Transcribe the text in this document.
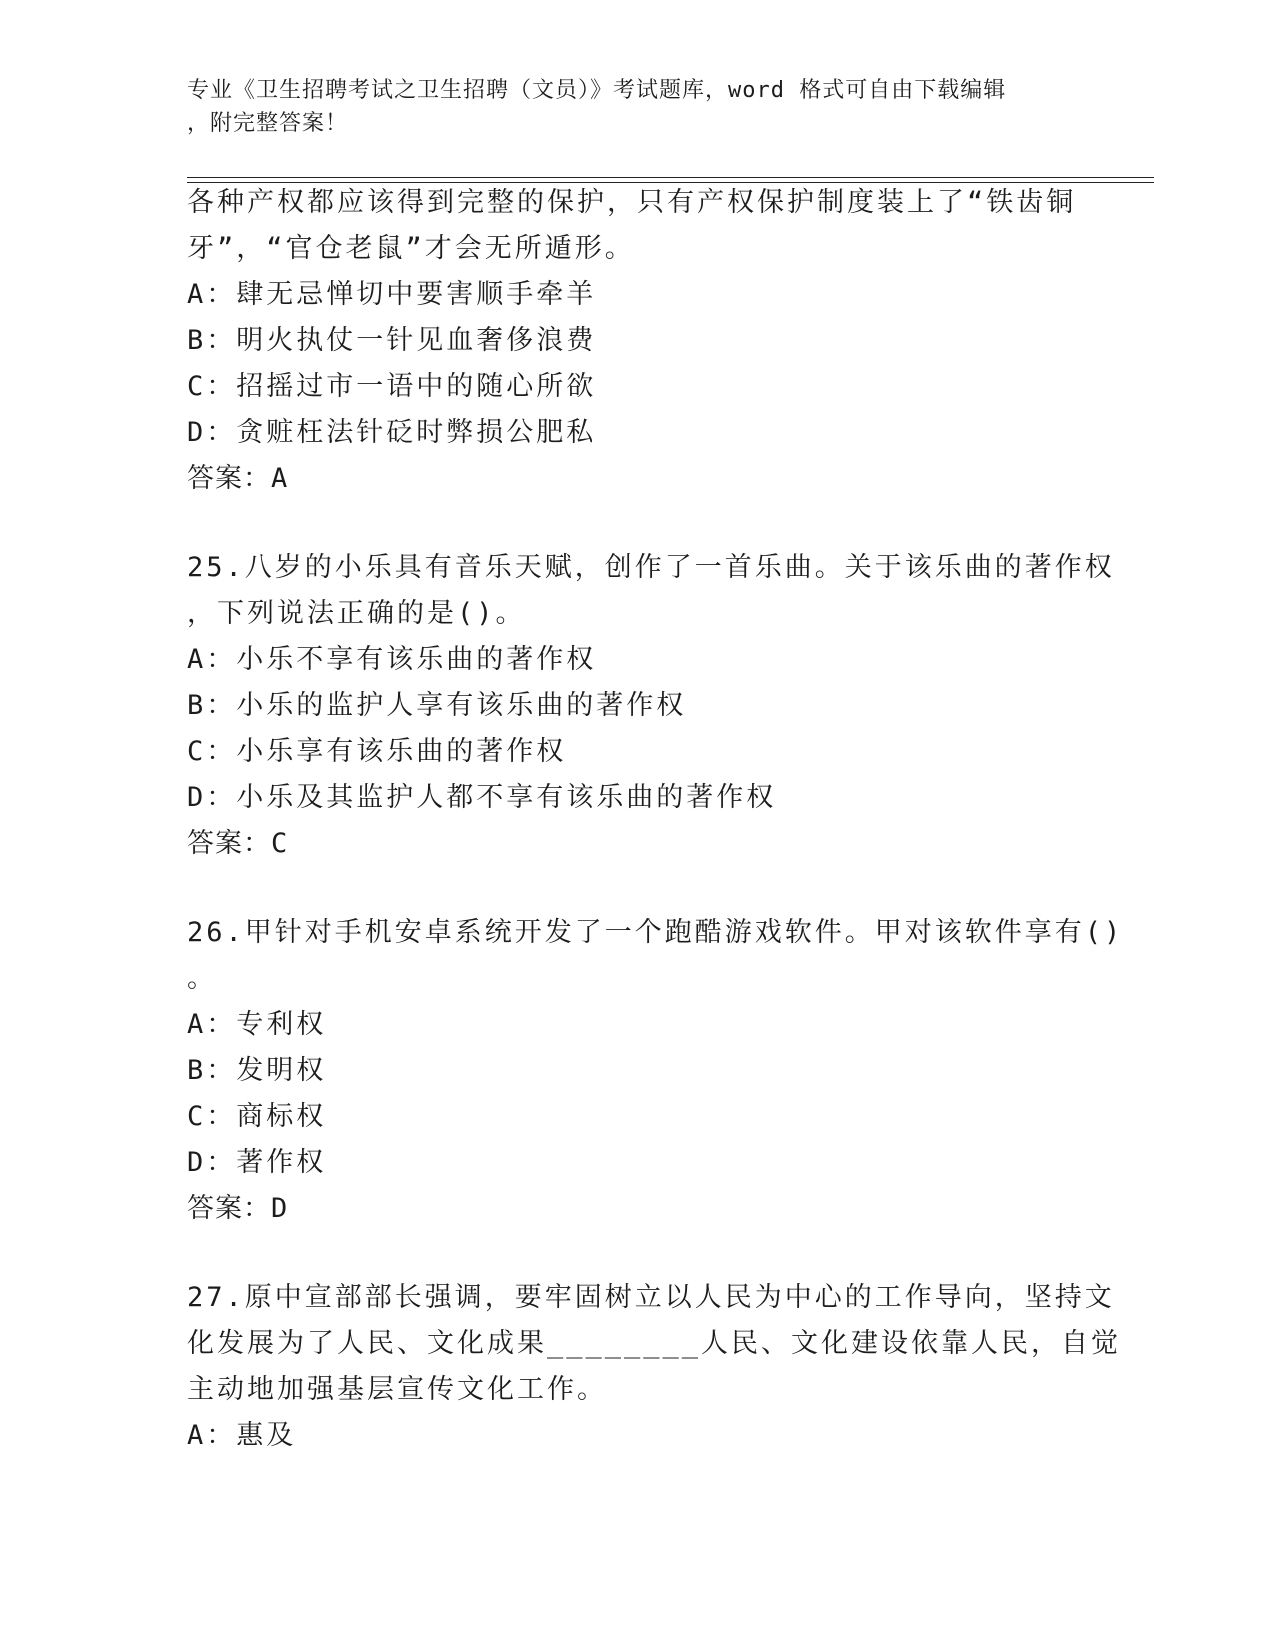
专业《卫生招聘考试之卫生招聘（文员）》考试题库，word 格式可自由下载编辑
，附完整答案！
各种产权都应该得到完整的保护，只有产权保护制度装上了“铁齿铜
牙”，“官仓老鼠”才会无所遁形。
A：肆无忌惮切中要害顺手牵羊
B：明火执仗一针见血奢侈浪费
C：招摇过市一语中的随心所欲
D：贪赃枉法针砭时弊损公肥私
答案：A
25.八岁的小乐具有音乐天赋，创作了一首乐曲。关于该乐曲的著作权
，下列说法正确的是()。
A：小乐不享有该乐曲的著作权
B：小乐的监护人享有该乐曲的著作权
C：小乐享有该乐曲的著作权
D：小乐及其监护人都不享有该乐曲的著作权
答案：C
26.甲针对手机安卓系统开发了一个跑酷游戏软件。甲对该软件享有()
。
A：专利权
B：发明权
C：商标权
D：著作权
答案：D
27.原中宣部部长强调，要牢固树立以人民为中心的工作导向，坚持文
化发展为了人民、文化成果________人民、文化建设依靠人民，自觉
主动地加强基层宣传文化工作。
A：惠及
